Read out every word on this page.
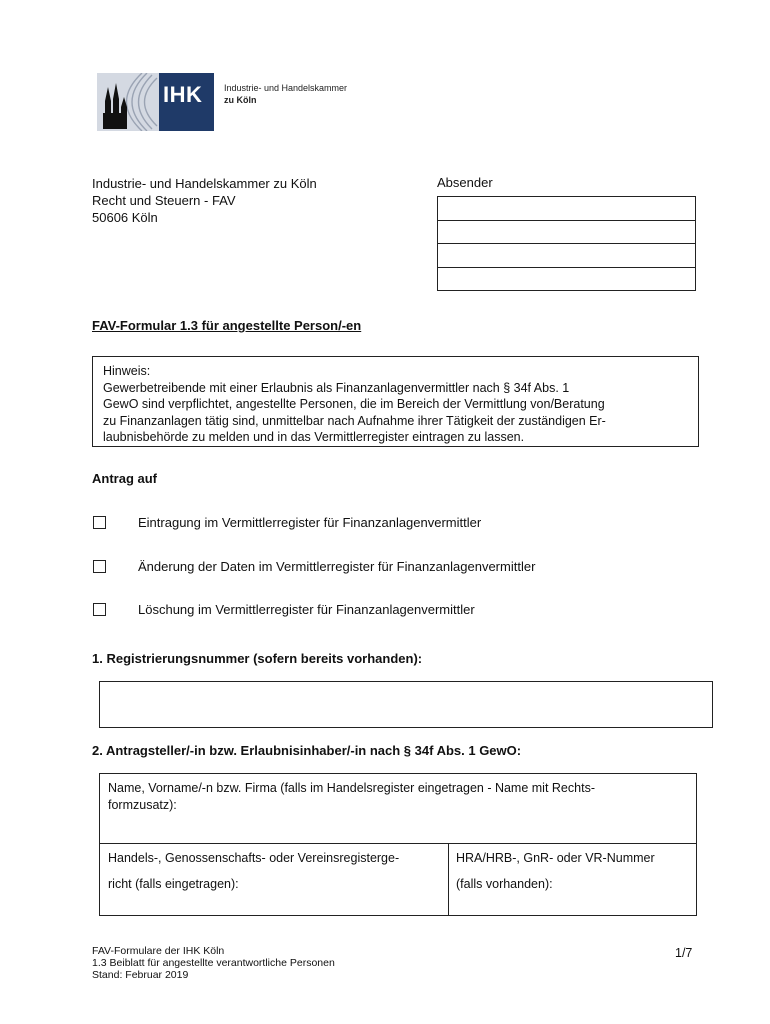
IHK Industrie- und Handelskammer
zu Köln
Industrie- und Handelskammer zu Köln
Recht und Steuern - FAV
50606 Köln
Absender
FAV-Formular 1.3 für angestellte Person/-en
Hinweis:
Gewerbetreibende mit einer Erlaubnis als Finanzanlagenvermittler nach § 34f Abs. 1
GewO sind verpflichtet, angestellte Personen, die im Bereich der Vermittlung von/Beratung
zu Finanzanlagen tätig sind, unmittelbar nach Aufnahme ihrer Tätigkeit der zuständigen Er-
laubnisbehörde zu melden und in das Vermittlerregister eintragen zu lassen.
Antrag auf
Eintragung im Vermittlerregister für Finanzanlagenvermittler
Änderung der Daten im Vermittlerregister für Finanzanlagenvermittler
Löschung im Vermittlerregister für Finanzanlagenvermittler
1. Registrierungsnummer (sofern bereits vorhanden):
2. Antragsteller/-in bzw. Erlaubnisinhaber/-in nach § 34f Abs. 1 GewO:
Name, Vorname/-n bzw. Firma (falls im Handelsregister eingetragen - Name mit Rechts-
formzusatz):
Handels-, Genossenschafts- oder Vereinsregisterge-
richt (falls eingetragen):
HRA/HRB-, GnR- oder VR-Nummer
(falls vorhanden):
FAV-Formulare der IHK Köln
1.3 Beiblatt für angestellte verantwortliche Personen
Stand: Februar 2019
1/7
